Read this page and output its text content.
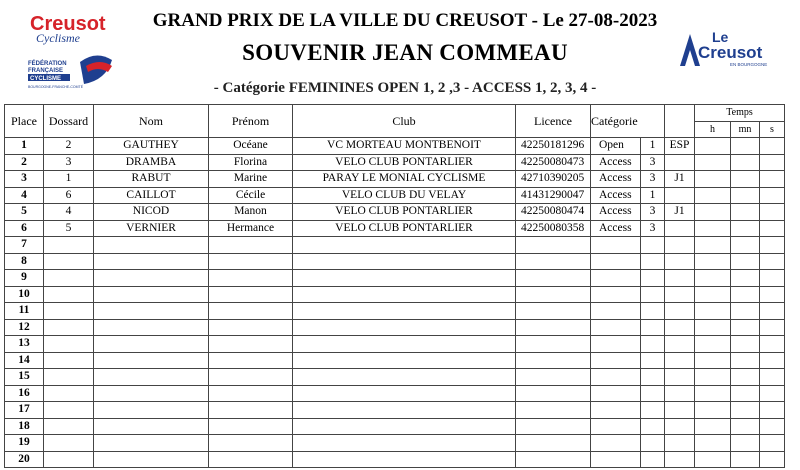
Creusot
Cyclisme
FÉDÉRATION
FRANÇAISE
CYCLISME
BOURGOGNE-FRANCHE-COMTÉ
GRAND PRIX DE LA VILLE DU CREUSOT - Le 27-08-2023
SOUVENIR JEAN COMMEAU
- Catégorie FEMININES OPEN 1, 2 ,3 - ACCESS 1, 2, 3, 4 -
Le
Creusot
EN BOURGOGNE
Place	Dossard	Nom	Prénom	Club	Licence	Catégorie			Temps		
									h	mn	s
1	2	GAUTHEY	Océane	VC MORTEAU MONTBENOIT	42250181296	Open	1	ESP			
2	3	DRAMBA	Florina	VELO CLUB PONTARLIER	42250080473	Access	3				
3	1	RABUT	Marine	PARAY LE MONIAL CYCLISME	42710390205	Access	3	J1			
4	6	CAILLOT	Cécile	VELO CLUB DU VELAY	41431290047	Access	1				
5	4	NICOD	Manon	VELO CLUB PONTARLIER	42250080474	Access	3	J1			
6	5	VERNIER	Hermance	VELO CLUB PONTARLIER	42250080358	Access	3				
7											
8											
9											
10											
11											
12											
13											
14											
15											
16											
17											
18											
19											
20											
